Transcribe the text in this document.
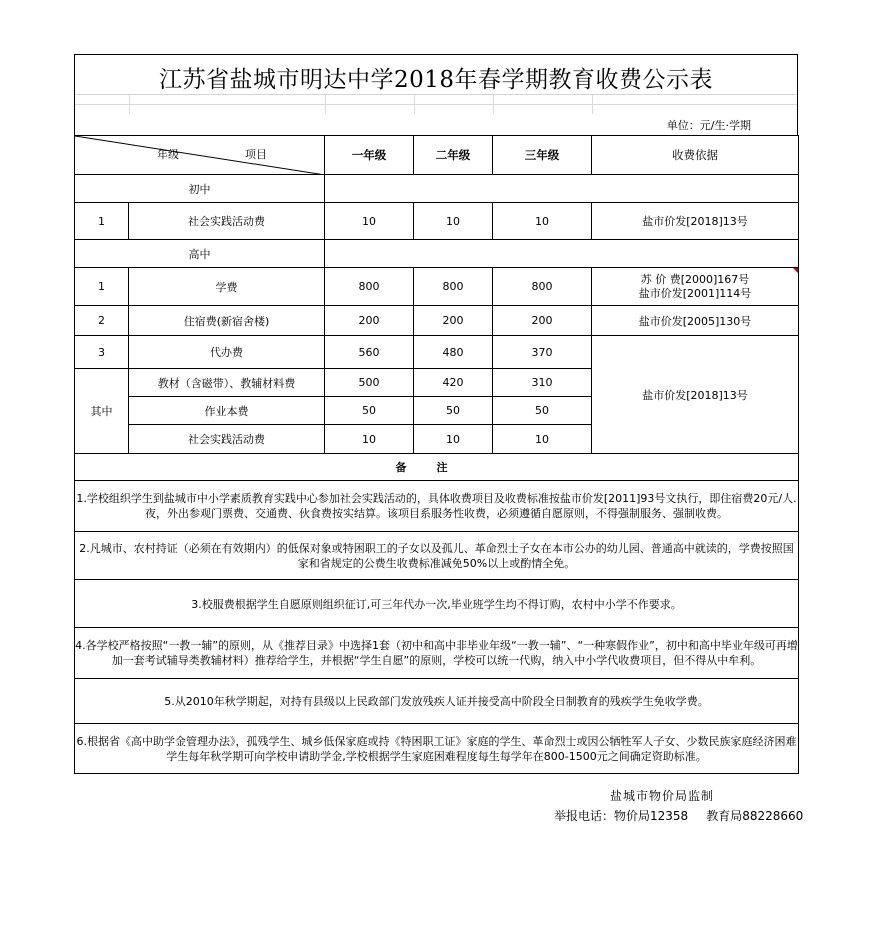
江苏省盐城市明达中学2018年春学期教育收费公示表
单位：元/生·学期
年级 项目		一年级	二年级	三年级	收费依据
初中					
1	社会实践活动费	10	10	10	盐市价发[2018]13号
高中					
1	学费	800	800	800	苏 价 费[2000]167号
盐市价发[2001]114号

2	住宿费(新宿舍楼)	200	200	200	盐市价发[2005]130号
3	代办费	560	480	370	盐市价发[2018]13号
其中	教材（含磁带）、教辅材料费	500	420	310	
	作业本费	50	50	50	
	社会实践活动费	10	10	10	
备注					
1.学校组织学生到盐城市中小学素质教育实践中心参加社会实践活动的，具体收费项目及收费标准按盐市价发[2011]93号文执行，即住宿费20元/人.夜，外出参观门票费、交通费、伙食费按实结算。该项目系服务性收费，必须遵循自愿原则，不得强制服务、强制收费。					
2.凡城市、农村持证（必须在有效期内）的低保对象或特困职工的子女以及孤儿、革命烈士子女在本市公办的幼儿园、普通高中就读的，学费按照国家和省规定的公费生收费标准减免50%以上或酌情全免。					
3.校服费根据学生自愿原则组织征订,可三年代办一次,毕业班学生均不得订购，农村中小学不作要求。					
4.各学校严格按照“一教一辅”的原则，从《推荐目录》中选择1套（初中和高中非毕业年级“一教一辅”、“一种寒假作业”，初中和高中毕业年级可再增加一套考试辅导类教辅材料）推荐给学生，并根据“学生自愿”的原则，学校可以统一代购，纳入中小学代收费项目，但不得从中牟利。					
5.从2010年秋学期起，对持有县级以上民政部门发放残疾人证并接受高中阶段全日制教育的残疾学生免收学费。					
6.根据省《高中助学金管理办法》，孤残学生、城乡低保家庭或持《特困职工证》家庭的学生、革命烈士或因公牺牲军人子女、少数民族家庭经济困难学生每年秋学期可向学校申请助学金,学校根据学生家庭困难程度每生每学年在800-1500元之间确定资助标准。					
盐城市物价局监制
举报电话：物价局12358 教育局88228660
